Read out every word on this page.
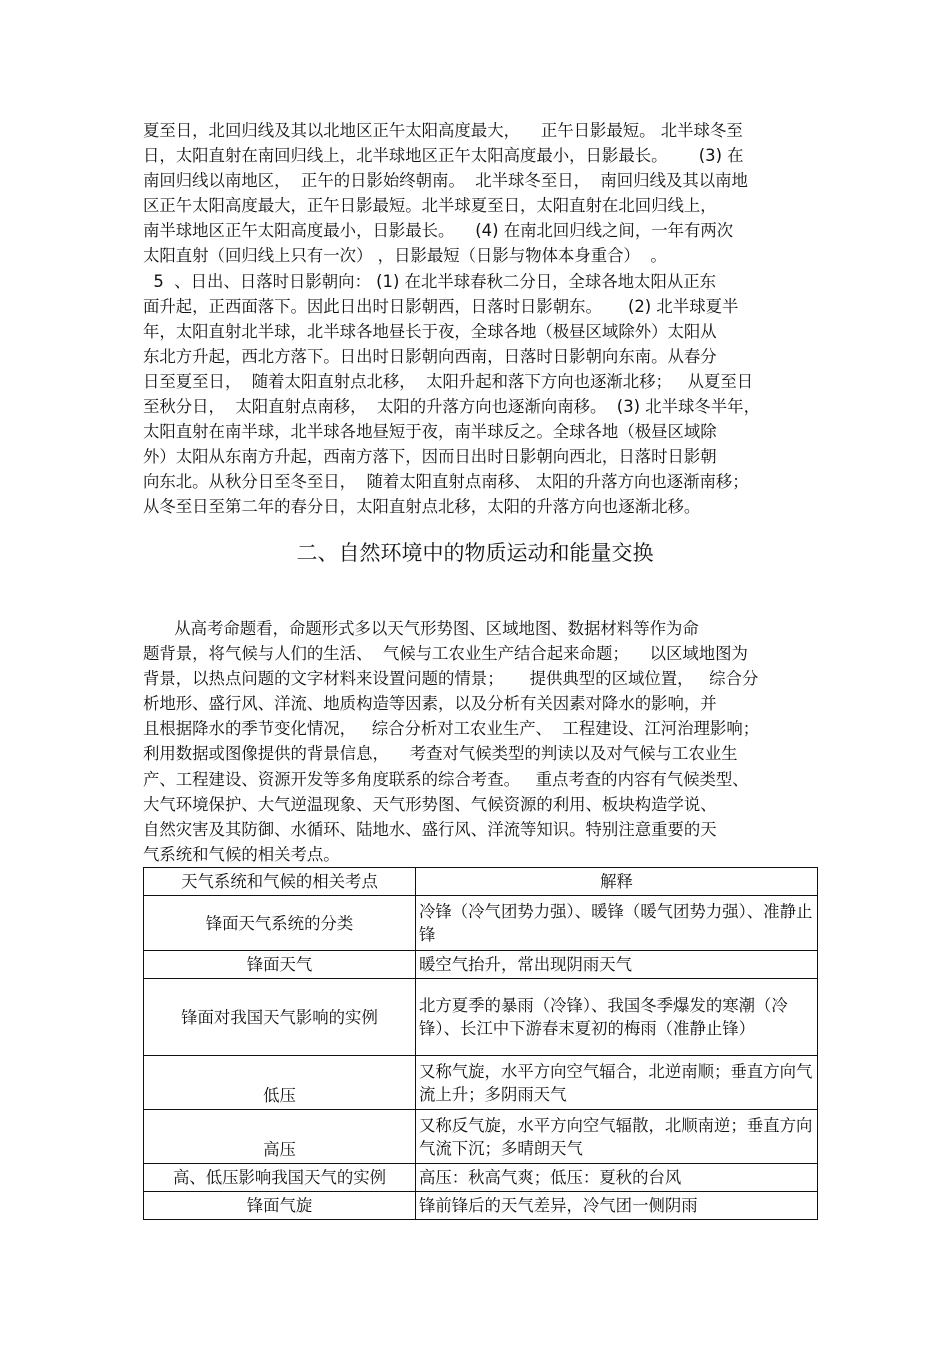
夏至日，北回归线及其以北地区正午太阳高度最大，    正午日影最短。 北半球冬至
日，太阳直射在南回归线上，北半球地区正午太阳高度最小，日影最长。      (3) 在
南回归线以南地区，  正午的日影始终朝南。  北半球冬至日，  南回归线及其以南地
区正午太阳高度最大，正午日影最短。北半球夏至日，太阳直射在北回归线上，
南半球地区正午太阳高度最小，日影最长。    (4) 在南北回归线之间，一年有两次
太阳直射（回归线上只有一次） ，日影最短（日影与物体本身重合）  。
5  、日出、日落时日影朝向： (1) 在北半球春秋二分日，全球各地太阳从正东
面升起，正西面落下。因此日出时日影朝西，日落时日影朝东。     (2) 北半球夏半
年，太阳直射北半球，北半球各地昼长于夜，全球各地（极昼区域除外）太阳从
东北方升起，西北方落下。日出时日影朝向西南，日落时日影朝向东南。从春分
日至夏至日，  随着太阳直射点北移，  太阳升起和落下方向也逐渐北移；   从夏至日
至秋分日，  太阳直射点南移，  太阳的升落方向也逐渐向南移。  (3) 北半球冬半年，
太阳直射在南半球，北半球各地昼短于夜，南半球反之。全球各地（极昼区域除
外）太阳从东南方升起，西南方落下，因而日出时日影朝向西北，日落时日影朝
向东北。从秋分日至冬至日，  随着太阳直射点南移、 太阳的升落方向也逐渐南移；
从冬至日至第二年的春分日，太阳直射点北移，太阳的升落方向也逐渐北移。
二、自然环境中的物质运动和能量交换
从高考命题看，命题形式多以天气形势图、区域地图、数据材料等作为命
题背景，将气候与人们的生活、  气候与工农业生产结合起来命题；    以区域地图为
背景，以热点问题的文字材料来设置问题的情景；     提供典型的区域位置，   综合分
析地形、盛行风、洋流、地质构造等因素，以及分析有关因素对降水的影响，并
且根据降水的季节变化情况，   综合分析对工农业生产、  工程建设、江河治理影响；
利用数据或图像提供的背景信息，    考查对气候类型的判读以及对气候与工农业生
产、工程建设、资源开发等多角度联系的综合考查。   重点考查的内容有气候类型、
大气环境保护、大气逆温现象、天气形势图、气候资源的利用、板块构造学说、
自然灾害及其防御、水循环、陆地水、盛行风、洋流等知识。特别注意重要的天
气系统和气候的相关考点。
天气系统和气候的相关考点	解释
锋面天气系统的分类	冷锋（冷气团势力强）、暖锋（暖气团势力强）、准静止锋
锋面天气	暖空气抬升，常出现阴雨天气
锋面对我国天气影响的实例	北方夏季的暴雨（冷锋）、我国冬季爆发的寒潮（冷锋）、长江中下游春末夏初的梅雨（准静止锋）
低压	又称气旋，水平方向空气辐合，北逆南顺；垂直方向气流上升；多阴雨天气
高压	又称反气旋，水平方向空气辐散，北顺南逆；垂直方向气流下沉；多晴朗天气
高、低压影响我国天气的实例	高压：秋高气爽；低压：夏秋的台风
锋面气旋	锋前锋后的天气差异，冷气团一侧阴雨
